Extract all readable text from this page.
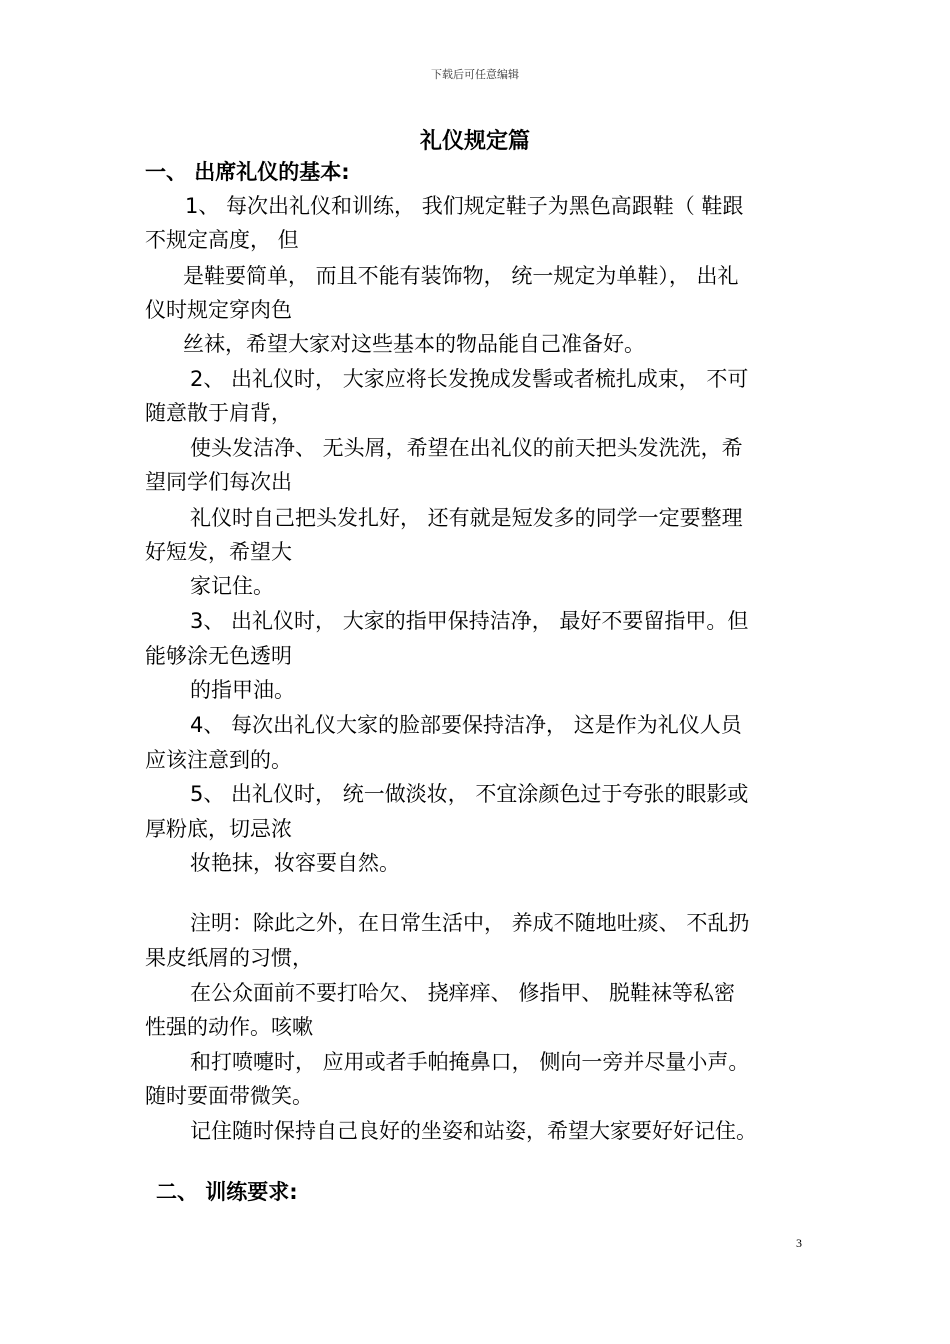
下载后可任意编辑
礼仪规定篇
一、 出席礼仪的基本:
1、 每次出礼仪和训练， 我们规定鞋子为黑色高跟鞋（ 鞋跟
不规定高度， 但
是鞋要简单， 而且不能有装饰物， 统一规定为单鞋）， 出礼
仪时规定穿肉色
丝袜，希望大家对这些基本的物品能自己准备好。
2、 出礼仪时， 大家应将长发挽成发髻或者梳扎成束， 不可
随意散于肩背，
使头发洁净、 无头屑，希望在出礼仪的前天把头发洗洗，希
望同学们每次出
礼仪时自己把头发扎好， 还有就是短发多的同学一定要整理
好短发，希望大
家记住。
3、 出礼仪时， 大家的指甲保持洁净， 最好不要留指甲。但
能够涂无色透明
的指甲油。
4、 每次出礼仪大家的脸部要保持洁净， 这是作为礼仪人员
应该注意到的。
5、 出礼仪时， 统一做淡妆， 不宜涂颜色过于夸张的眼影或
厚粉底，切忌浓
妆艳抹，妆容要自然。
注明：除此之外，在日常生活中， 养成不随地吐痰、 不乱扔
果皮纸屑的习惯，
在公众面前不要打哈欠、 挠痒痒、 修指甲、 脱鞋袜等私密
性强的动作。咳嗽
和打喷嚏时， 应用或者手帕掩鼻口， 侧向一旁并尽量小声。
随时要面带微笑。
记住随时保持自己良好的坐姿和站姿，希望大家要好好记住。
二、 训练要求:
3
